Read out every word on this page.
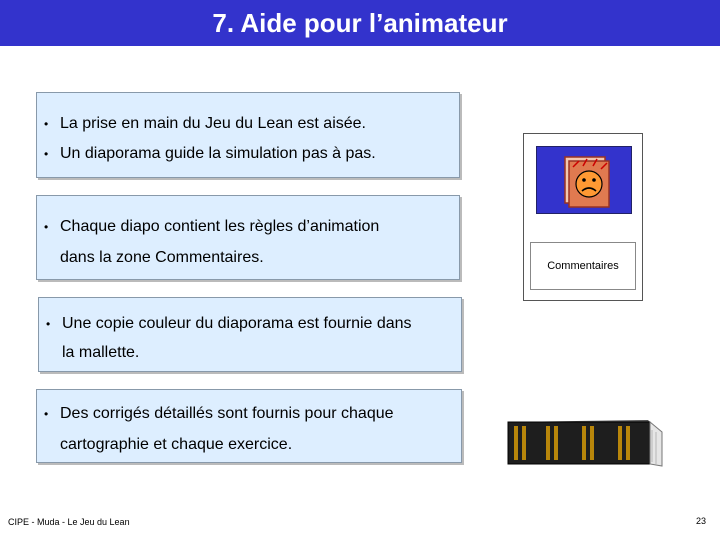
7. Aide pour l’animateur
• La prise en main du Jeu du Lean est aisée.
• Un diaporama guide la simulation pas à pas.
• Chaque diapo contient les règles d’animation
dans la zone Commentaires.
• Une copie couleur du diaporama est fournie dans
la mallette.
• Des corrigés détaillés sont fournis pour chaque
cartographie et chaque exercice.
Commentaires
CIPE - Muda - Le Jeu du Lean	23
